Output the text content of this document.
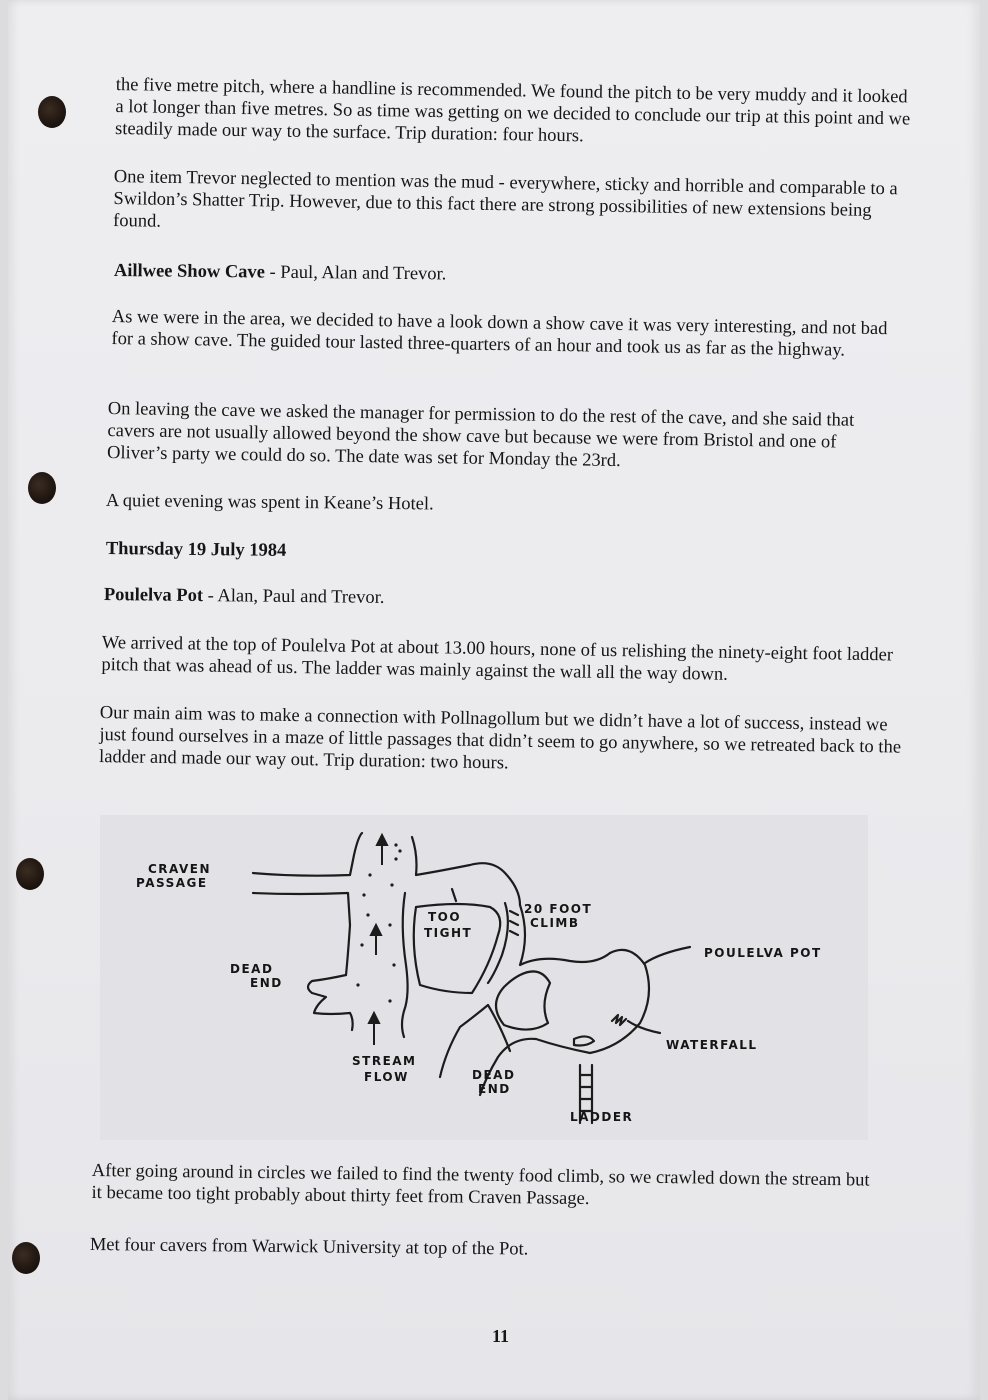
the five metre pitch, where a handline is recommended. We found the pitch to be very muddy and it looked a lot longer than five metres. So as time was getting on we decided to conclude our trip at this point and we steadily made our way to the surface. Trip duration: four hours.

One item Trevor neglected to mention was the mud - everywhere, sticky and horrible and comparable to a Swildon’s Shatter Trip. However, due to this fact there are strong possibilities of new extensions being found.

Aillwee Show Cave - Paul, Alan and Trevor.

As we were in the area, we decided to have a look down a show cave it was very interesting, and not bad for a show cave. The guided tour lasted three-quarters of an hour and took us as far as the highway.

On leaving the cave we asked the manager for permission to do the rest of the cave, and she said that cavers are not usually allowed beyond the show cave but because we were from Bristol and one of Oliver’s party we could do so. The date was set for Monday the 23rd.

A quiet evening was spent in Keane’s Hotel.

Thursday 19 July 1984

Poulelva Pot - Alan, Paul and Trevor.

We arrived at the top of Poulelva Pot at about 13.00 hours, none of us relishing the ninety-eight foot ladder pitch that was ahead of us. The ladder was mainly against the wall all the way down.

Our main aim was to make a connection with Pollnagollum but we didn’t have a lot of success, instead we just found ourselves in a maze of little passages that didn’t seem to go anywhere, so we retreated back to the ladder and made our way out. Trip duration: two hours.

CRAVEN
PASSAGE
TOO
TIGHT
20 FOOT
CLIMB
POULELVA POT
DEAD
END
WATERFALL
STREAM
FLOW	DEAD
END
LADDER

After going around in circles we failed to find the twenty food climb, so we crawled down the stream but it became too tight probably about thirty feet from Craven Passage.

Met four cavers from Warwick University at top of the Pot.

11
